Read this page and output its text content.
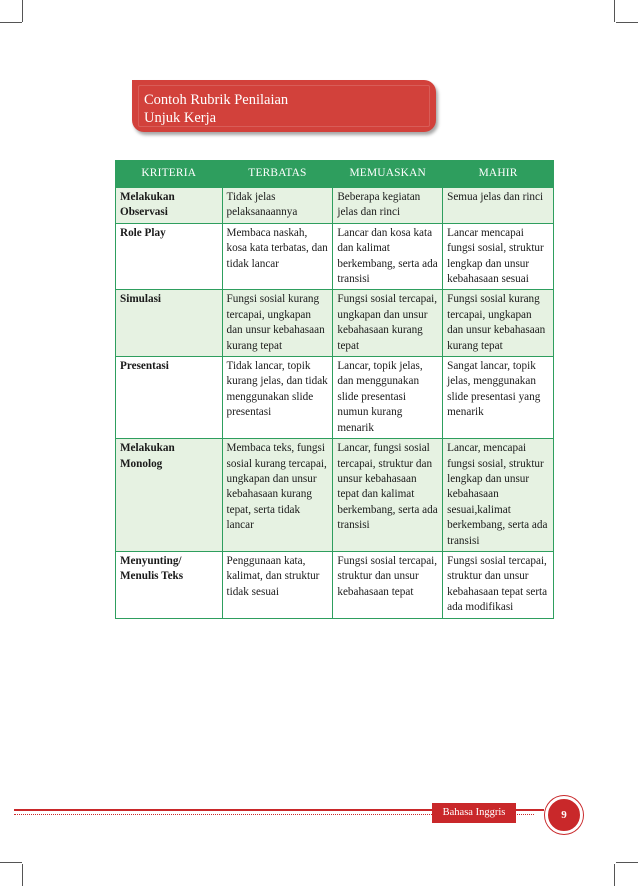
Contoh Rubrik Penilaian
Unjuk Kerja
KRITERIA	TERBATAS	MEMUASKAN	MAHIR
Melakukan Observasi	Tidak jelas pelaksanaannya	Beberapa kegiatan jelas dan rinci	Semua jelas dan rinci
Role Play	Membaca naskah, kosa kata terbatas, dan tidak lancar	Lancar dan kosa kata dan kalimat berkembang, serta ada transisi	Lancar mencapai fungsi sosial, struktur lengkap dan unsur kebahasaan sesuai
Simulasi	Fungsi sosial kurang tercapai, ungkapan dan unsur kebahasaan kurang tepat	Fungsi sosial tercapai, ungkapan dan unsur kebahasaan kurang tepat	Fungsi sosial kurang tercapai, ungkapan dan unsur kebahasaan kurang tepat
Presentasi	Tidak lancar, topik kurang jelas, dan tidak menggunakan slide presentasi	Lancar, topik jelas, dan menggunakan slide presentasi numun kurang menarik	Sangat lancar, topik jelas, menggunakan slide presentasi yang menarik
Melakukan Monolog	Membaca teks, fungsi sosial kurang tercapai, ungkapan dan unsur kebahasaan kurang tepat, serta tidak lancar	Lancar, fungsi sosial tercapai, struktur dan unsur kebahasaan tepat dan kalimat berkembang, serta ada transisi	Lancar, mencapai fungsi sosial, struktur lengkap dan unsur kebahasaan sesuai,kalimat berkembang, serta ada transisi
Menyunting/ Menulis Teks	Penggunaan kata, kalimat, dan struktur tidak sesuai	Fungsi sosial tercapai, struktur dan unsur kebahasaan tepat	Fungsi sosial tercapai, struktur dan unsur kebahasaan tepat serta ada modifikasi
Bahasa Inggris	9
